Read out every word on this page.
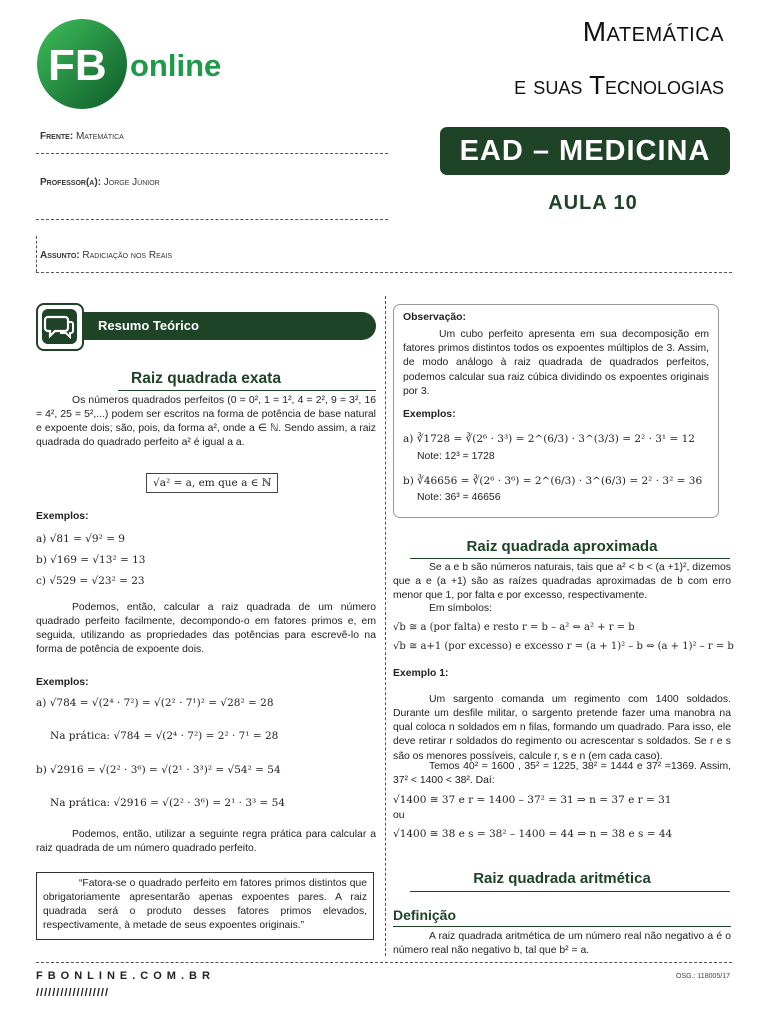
FB online
Matemática
e suas Tecnologias
EAD – MEDICINA
AULA 10
Frente: Matemática
Professor(a): Jorge Júnior
Assunto: Radiciação nos Reais
Resumo Teórico
Raiz quadrada exata
Os números quadrados perfeitos (0 = 0², 1 = 1², 4 = 2², 9 = 3², 16 = 4², 25 = 5²,...) podem ser escritos na forma de potência de base natural e expoente dois; são, pois, da forma a², onde a ∈ ℕ. Sendo assim, a raiz quadrada do quadrado perfeito a² é igual a a.
√a² = a, em que a ∈ ℕ
Exemplos:
a) √81 = √9² = 9
b) √169 = √13² = 13
c) √529 = √23² = 23
Podemos, então, calcular a raiz quadrada de um número quadrado perfeito facilmente, decompondo-o em fatores primos e, em seguida, utilizando as propriedades das potências para escrevê-lo na forma de potência de expoente dois.
Exemplos:
a) √784 = √(2⁴ · 7²) = √(2² · 7¹)² = √28² = 28
Na prática: √784 = √(2⁴ · 7²) = 2² · 7¹ = 28
b) √2916 = √(2² · 3⁶) = √(2¹ · 3³)² = √54² = 54
Na prática: √2916 = √(2² · 3⁶) = 2¹ · 3³ = 54
Podemos, então, utilizar a seguinte regra prática para calcular a raiz quadrada de um número quadrado perfeito.
“Fatora-se o quadrado perfeito em fatores primos distintos que obrigatoriamente apresentarão apenas expoentes pares. A raiz quadrada será o produto desses fatores primos elevados, respectivamente, à metade de seus expoentes originais.”
Observação:
Um cubo perfeito apresenta em sua decomposição em fatores primos distintos todos os expoentes múltiplos de 3. Assim, de modo análogo à raiz quadrada de quadrados perfeitos, podemos calcular sua raiz cúbica dividindo os expoentes originais por 3.
Exemplos:
a) ∛1728 = ∛(2⁶ · 3³) = 2^(6/3) · 3^(3/3) = 2² · 3¹ = 12
Note: 12³ = 1728
b) ∛46656 = ∛(2⁶ · 3⁶) = 2^(6/3) · 3^(6/3) = 2² · 3² = 36
Note: 36³ = 46656
Raiz quadrada aproximada
Se a e b são números naturais, tais que a² < b < (a +1)², dizemos que a e (a +1) são as raízes quadradas aproximadas de b com erro menor que 1, por falta e por excesso, respectivamente.
Em símbolos:
√b ≅ a (por falta) e resto r = b – a² ⇔ a² + r = b
√b ≅ a+1 (por excesso) e excesso r = (a + 1)² – b ⇔ (a + 1)² – r = b
Exemplo 1:
Um sargento comanda um regimento com 1400 soldados. Durante um desfile militar, o sargento pretende fazer uma manobra na qual coloca n soldados em n filas, formando um quadrado. Para isso, ele deve retirar r soldados do regimento ou acrescentar s soldados. Se r e s são os menores possíveis, calcule r, s e n (em cada caso).
Temos 40² = 1600 , 35² = 1225, 38² = 1444 e 37² =1369. Assim, 37² < 1400 < 38². Daí:
√1400 ≅ 37 e r = 1400 – 37² = 31 ⇒ n = 37 e r = 31
ou
√1400 ≅ 38 e s = 38² – 1400 = 44 ⇒ n = 38 e s = 44
Raiz quadrada aritmética
Definição
A raiz quadrada aritmética de um número real não negativo a é o número real não negativo b, tal que b² = a.
FBONLINE.COM.BR
//////////////////
OSG.: 118005/17
